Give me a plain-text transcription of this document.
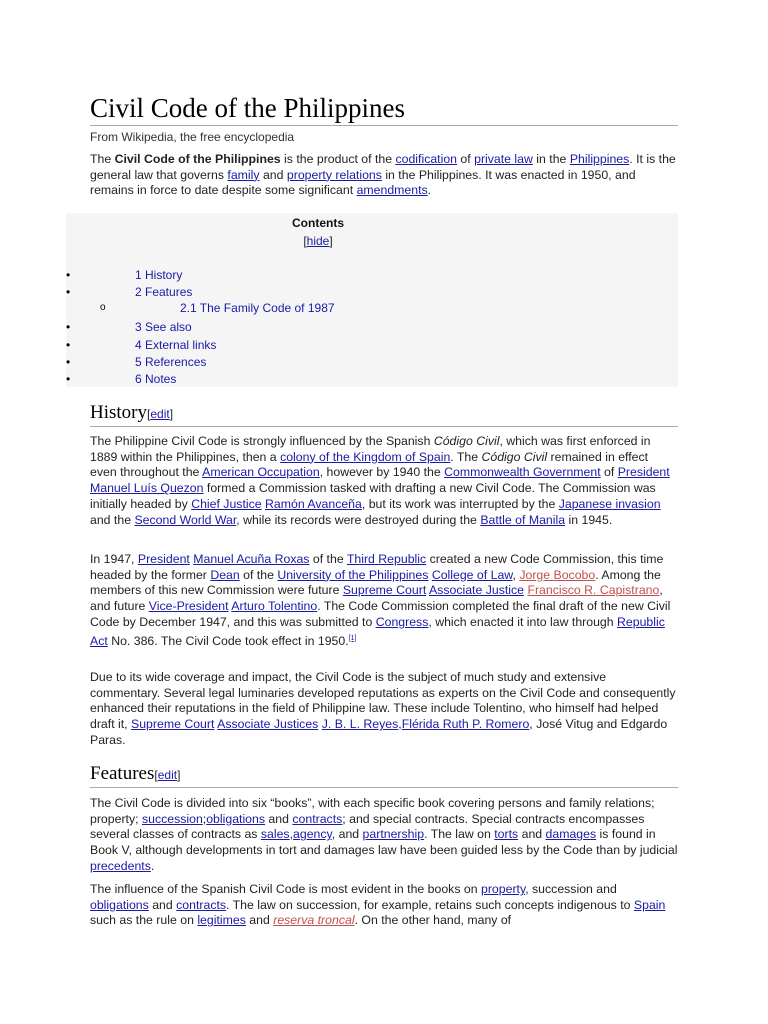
Civil Code of the Philippines
From Wikipedia, the free encyclopedia

The Civil Code of the Philippines is the product of the codification of private law in the Philippines. It is the general law that governs family and property relations in the Philippines. It was enacted in 1950, and remains in force to date despite some significant amendments.

Contents
[hide]
•	1 History
•	2 Features
o	2.1 The Family Code of 1987
•	3 See also
•	4 External links
•	5 References
•	6 Notes
History[edit]

The Philippine Civil Code is strongly influenced by the Spanish Código Civil, which was first enforced in 1889 within the Philippines, then a colony of the Kingdom of Spain. The Código Civil remained in effect even throughout the American Occupation, however by 1940 the Commonwealth Government of President Manuel Luís Quezon formed a Commission tasked with drafting a new Civil Code. The Commission was initially headed by Chief Justice Ramón Avanceña, but its work was interrupted by the Japanese invasion and the Second World War, while its records were destroyed during the Battle of Manila in 1945.

In 1947, President Manuel Acuña Roxas of the Third Republic created a new Code Commission, this time headed by the former Dean of the University of the Philippines College of Law, Jorge Bocobo. Among the members of this new Commission were future Supreme Court Associate Justice Francisco R. Capistrano, and future Vice-President Arturo Tolentino. The Code Commission completed the final draft of the new Civil Code by December 1947, and this was submitted to Congress, which enacted it into law through Republic Act No. 386. The Civil Code took effect in 1950.[1]

Due to its wide coverage and impact, the Civil Code is the subject of much study and extensive commentary. Several legal luminaries developed reputations as experts on the Civil Code and consequently enhanced their reputations in the field of Philippine law. These include Tolentino, who himself had helped draft it, Supreme Court Associate Justices J. B. L. Reyes,Flérida Ruth P. Romero, José Vitug and Edgardo Paras.

Features[edit]

The Civil Code is divided into six “books”, with each specific book covering persons and family relations; property; succession;obligations and contracts; and special contracts. Special contracts encompasses several classes of contracts as sales,agency, and partnership. The law on torts and damages is found in Book V, although developments in tort and damages law have been guided less by the Code than by judicial precedents.

The influence of the Spanish Civil Code is most evident in the books on property, succession and obligations and contracts. The law on succession, for example, retains such concepts indigenous to Spain such as the rule on legitimes and reserva troncal. On the other hand, many of
